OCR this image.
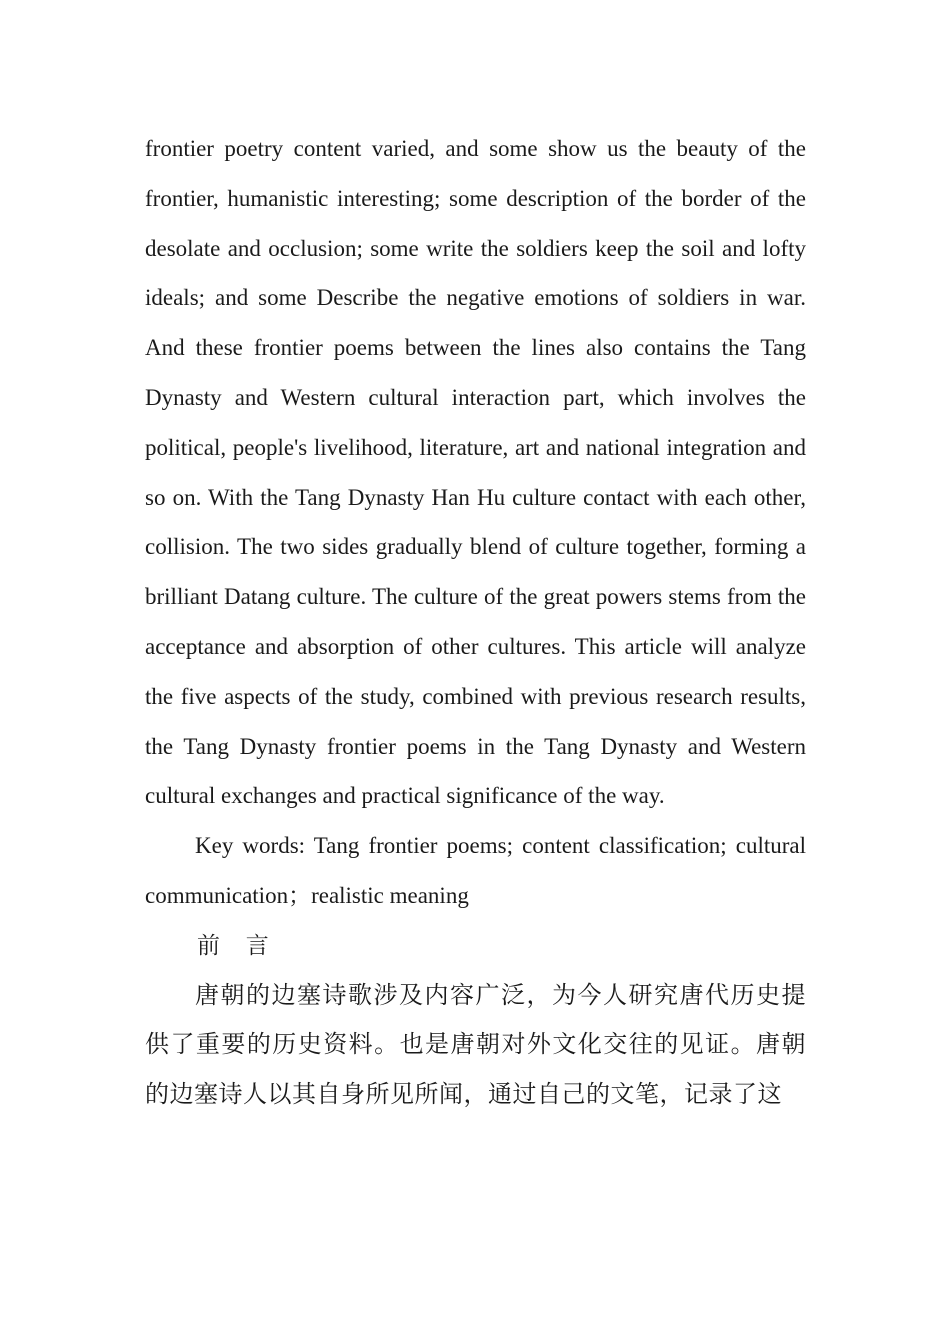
frontier poetry content varied, and some show us the beauty of the frontier, humanistic interesting; some description of the border of the desolate and occlusion; some write the soldiers keep the soil and lofty ideals; and some Describe the negative emotions of soldiers in war. And these frontier poems between the lines also contains the Tang Dynasty and Western cultural interaction part, which involves the political, people's livelihood, literature, art and national integration and so on. With the Tang Dynasty Han Hu culture contact with each other, collision. The two sides gradually blend of culture together, forming a brilliant Datang culture. The culture of the great powers stems from the acceptance and absorption of other cultures. This article will analyze the five aspects of the study, combined with previous research results, the Tang Dynasty frontier poems in the Tang Dynasty and Western cultural exchanges and practical significance of the way.

Key words: Tang frontier poems; content classification; cultural communication；realistic meaning

前 言

唐朝的边塞诗歌涉及内容广泛，为今人研究唐代历史提供了重要的历史资料。也是唐朝对外文化交往的见证。唐朝的边塞诗人以其自身所见所闻，通过自己的文笔，记录了这
